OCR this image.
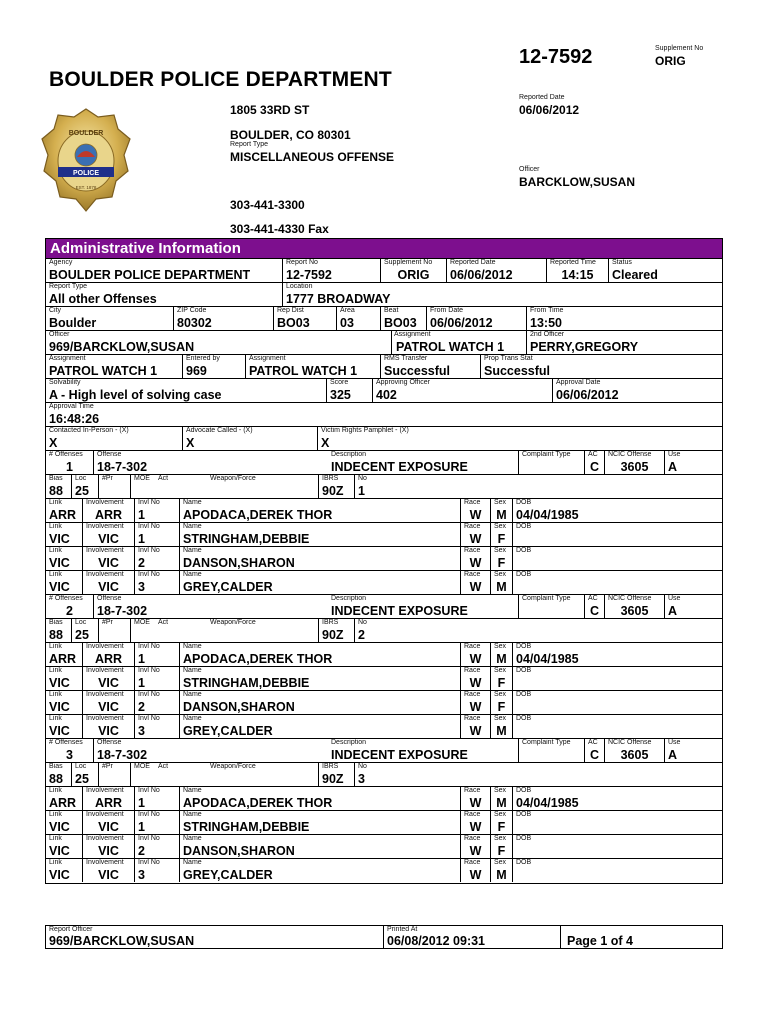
BOULDER POLICE DEPARTMENT
12-7592	Supplement No
ORIG
BOULDER
POLICE
EST. 1878
1805 33RD ST
BOULDER, CO 80301
Report Type
MISCELLANEOUS OFFENSE
303-441-3300
303-441-4330 Fax
Reported Date
06/06/2012
Officer
BARCKLOW,SUSAN
Administrative Information
Agency
BOULDER POLICE DEPARTMENT
Report No
12-7592
Supplement No
ORIG
Reported Date
06/06/2012
Reported Time
14:15
Status
Cleared
Report Type
All other Offenses
Location
1777 BROADWAY
City
Boulder
ZIP Code
80302
Rep Dist
BO03
Area
03
Beat
BO03
From Date
06/06/2012
From Time
13:50
Officer
969/BARCKLOW,SUSAN
Assignment
PATROL WATCH 1
2nd Officer
PERRY,GREGORY
Assignment
PATROL WATCH 1
Entered by
969
Assignment
PATROL WATCH 1
RMS Transfer
Successful
Prop Trans Stat
Successful
Solvability
A - High level of solving case
Score
325
Approving Officer
402
Approval Date
06/06/2012
Approval Time
16:48:26
Contacted In-Person - (X)
X
Advocate Called - (X)
X
Victim Rights Pamphlet - (X)
X
# Offenses
1
Offense
18-7-302
Description
INDECENT EXPOSURE
Complaint Type AC
C
NCIC Offense
3605
Use
A
Bias
88
Loc
25
#Pr	MOE Act	Weapon/Force	IBRS
90Z
No
1
Link
ARR
Involvement
ARR
Invl No
1
Name
APODACA,DEREK THOR
Race
W
Sex
M
DOB
04/04/1985
Link
VIC
Involvement
VIC
Invl No
1
Name
STRINGHAM,DEBBIE
Race
W
Sex
F
DOB
Link
VIC
Involvement
VIC
Invl No
2
Name
DANSON,SHARON
Race
W
Sex
F
DOB
Link
VIC
Involvement
VIC
Invl No
3
Name
GREY,CALDER
Race
W
Sex
M
DOB
# Offenses
2
Offense
18-7-302
Description
INDECENT EXPOSURE
Complaint Type AC
C
NCIC Offense
3605
Use
A
Bias
88
Loc
25
#Pr	MOE Act	Weapon/Force	IBRS
90Z
No
2
Link
ARR
Involvement
ARR
Invl No
1
Name
APODACA,DEREK THOR
Race
W
Sex
M
DOB
04/04/1985
Link
VIC
Involvement
VIC
Invl No
1
Name
STRINGHAM,DEBBIE
Race
W
Sex
F
DOB
Link
VIC
Involvement
VIC
Invl No
2
Name
DANSON,SHARON
Race
W
Sex
F
DOB
Link
VIC
Involvement
VIC
Invl No
3
Name
GREY,CALDER
Race
W
Sex
M
DOB
# Offenses
3
Offense
18-7-302
Description
INDECENT EXPOSURE
Complaint Type AC
C
NCIC Offense
3605
Use
A
Bias
88
Loc
25
#Pr	MOE Act	Weapon/Force	IBRS
90Z
No
3
Link
ARR
Involvement
ARR
Invl No
1
Name
APODACA,DEREK THOR
Race
W
Sex
M
DOB
04/04/1985
Link
VIC
Involvement
VIC
Invl No
1
Name
STRINGHAM,DEBBIE
Race
W
Sex
F
DOB
Link
VIC
Involvement
VIC
Invl No
2
Name
DANSON,SHARON
Race
W
Sex
F
DOB
Link
VIC
Involvement
VIC
Invl No
3
Name
GREY,CALDER
Race
W
Sex
M
DOB
Report Officer
969/BARCKLOW,SUSAN
Printed At
06/08/2012 09:31	Page 1 of 4
